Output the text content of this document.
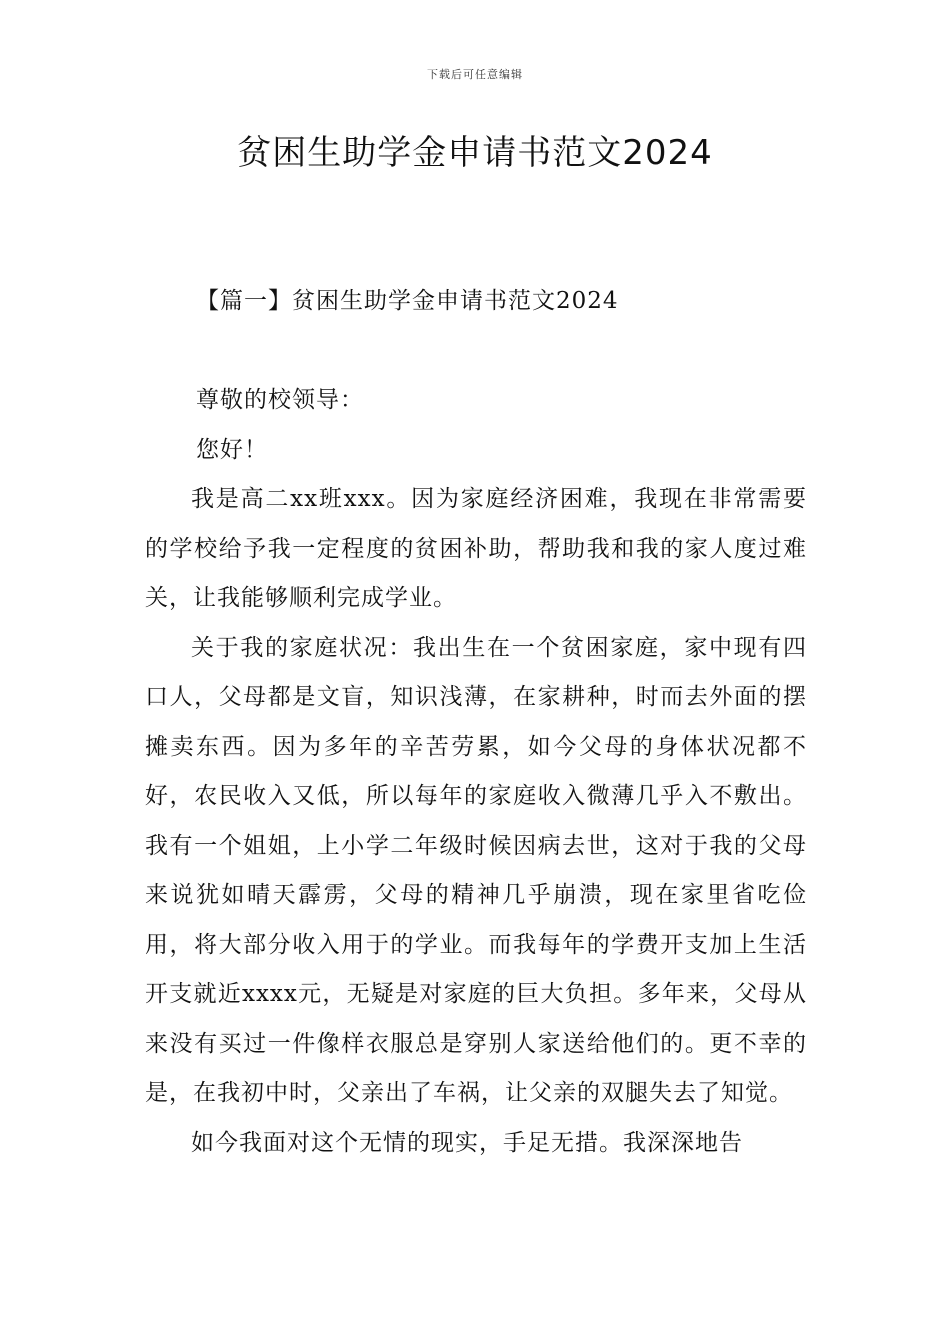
下载后可任意编辑
贫困生助学金申请书范文2024
【篇一】贫困生助学金申请书范文2024
尊敬的校领导：
您好！

我是高二xx班xxx。因为家庭经济困难，我现在非常需要的学校给予我一定程度的贫困补助，帮助我和我的家人度过难关，让我能够顺利完成学业。

关于我的家庭状况：我出生在一个贫困家庭，家中现有四口人，父母都是文盲，知识浅薄，在家耕种，时而去外面的摆摊卖东西。因为多年的辛苦劳累，如今父母的身体状况都不好，农民收入又低，所以每年的家庭收入微薄几乎入不敷出。我有一个姐姐，上小学二年级时候因病去世，这对于我的父母来说犹如晴天霹雳，父母的精神几乎崩溃，现在家里省吃俭用，将大部分收入用于的学业。而我每年的学费开支加上生活开支就近xxxx元，无疑是对家庭的巨大负担。多年来，父母从来没有买过一件像样衣服总是穿别人家送给他们的。更不幸的是，在我初中时，父亲出了车祸，让父亲的双腿失去了知觉。

如今我面对这个无情的现实，手足无措。我深深地告
